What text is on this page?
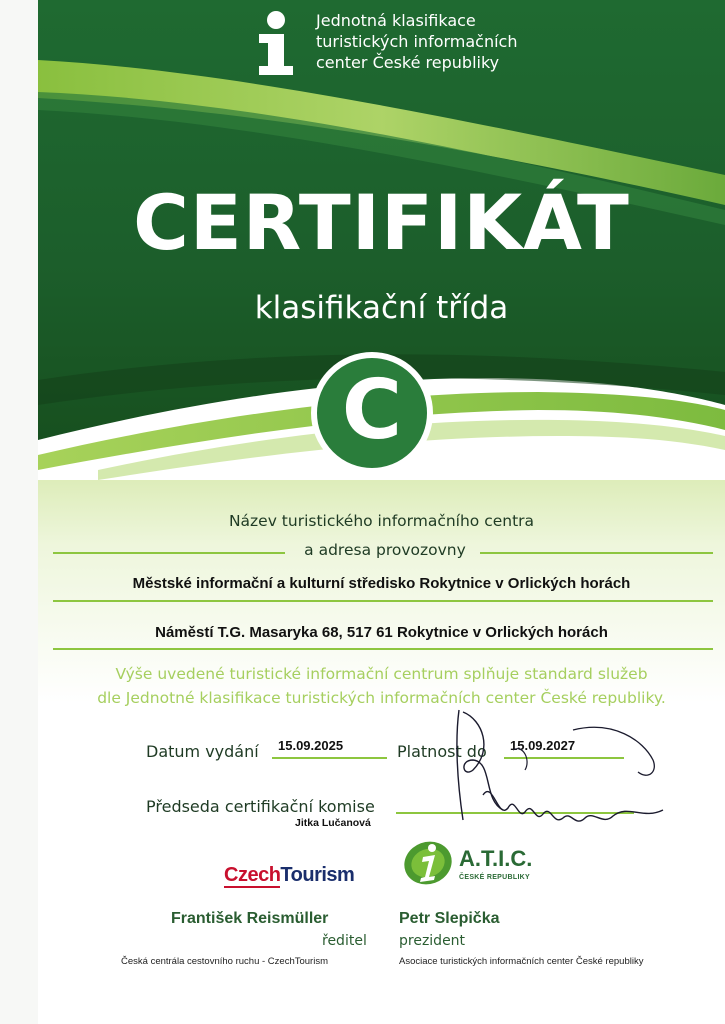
Jednotná klasifikace
turistických informačních
center České republiky
CERTIFIKÁT
klasifikační třída
C
Název turistického informačního centra
a adresa provozovny
Městské informační a kulturní středisko Rokytnice v Orlických horách
Náměstí T.G. Masaryka 68, 517 61 Rokytnice v Orlických horách
Výše uvedené turistické informační centrum splňuje standard služeb
dle Jednotné klasifikace turistických informačních center České republiky.
Datum vydání 15.09.2025	Platnost do 15.09.2027
Předseda certifikační komise
Jitka Lučanová
CzechTourism
A.T.I.C.
ČESKÉ REPUBLIKY
František Reismüller
ředitel
Česká centrála cestovního ruchu - CzechTourism
Petr Slepička
prezident
Asociace turistických informačních center České republiky
